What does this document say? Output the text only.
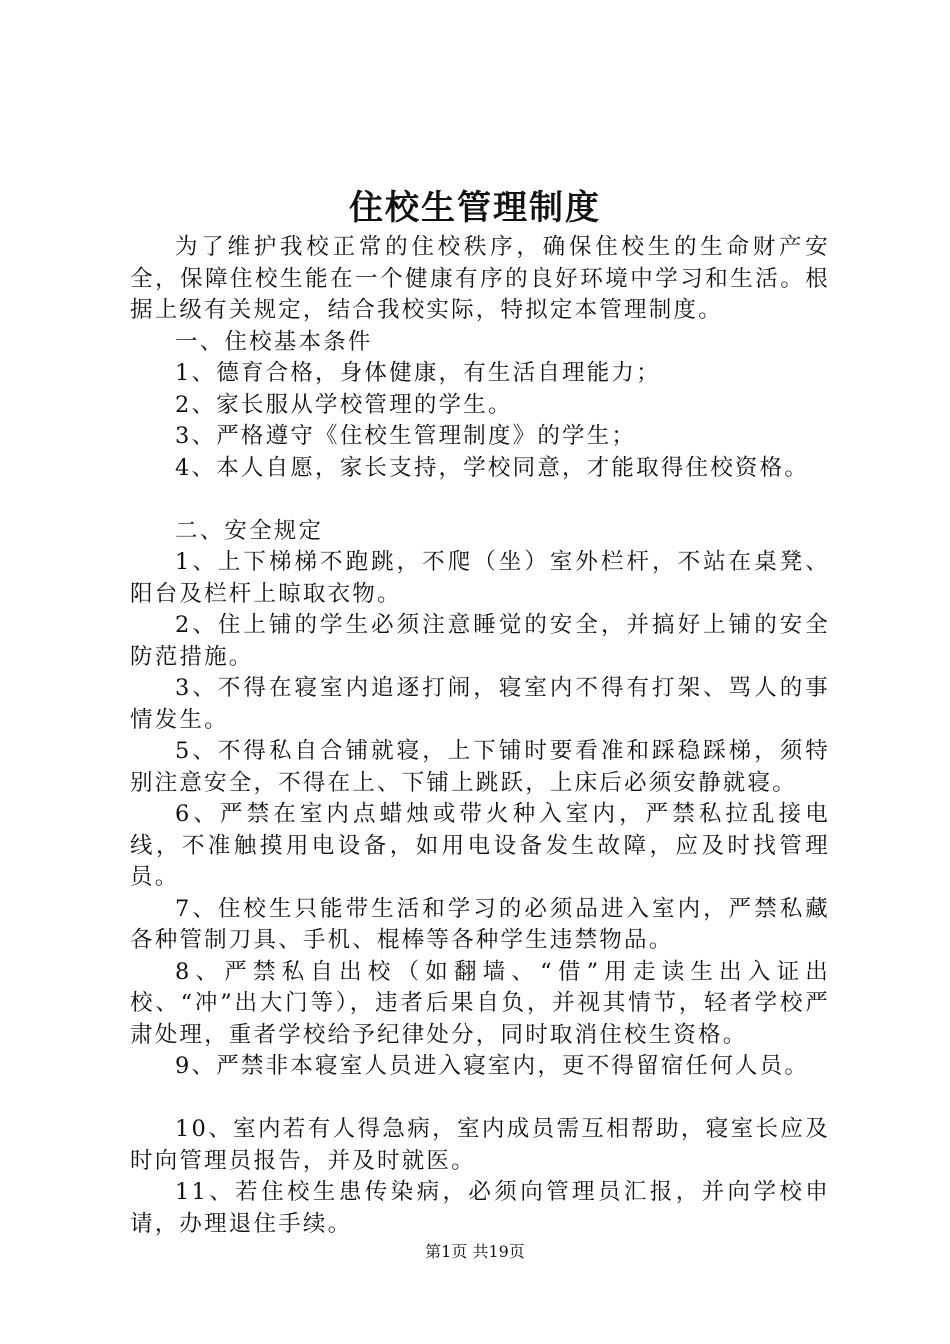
住校生管理制度

为了维护我校正常的住校秩序，确保住校生的生命财产安全，保障住校生能在一个健康有序的良好环境中学习和生活。根据上级有关规定，结合我校实际，特拟定本管理制度。

一、住校基本条件

1、德育合格，身体健康，有生活自理能力；

2、家长服从学校管理的学生。

3、严格遵守《住校生管理制度》的学生；

4、本人自愿，家长支持，学校同意，才能取得住校资格。

二、安全规定

1、上下梯梯不跑跳，不爬（坐）室外栏杆，不站在桌凳、阳台及栏杆上晾取衣物。

2、住上铺的学生必须注意睡觉的安全，并搞好上铺的安全防范措施。

3、不得在寝室内追逐打闹，寝室内不得有打架、骂人的事情发生。

5、不得私自合铺就寝，上下铺时要看准和踩稳踩梯，须特别注意安全，不得在上、下铺上跳跃，上床后必须安静就寝。

6、严禁在室内点蜡烛或带火种入室内，严禁私拉乱接电线，不准触摸用电设备，如用电设备发生故障，应及时找管理员。

7、住校生只能带生活和学习的必须品进入室内，严禁私藏各种管制刀具、手机、棍棒等各种学生违禁物品。

8、严禁私自出校（如翻墙、“借”用走读生出入证出校、“冲”出大门等），违者后果自负，并视其情节，轻者学校严肃处理，重者学校给予纪律处分，同时取消住校生资格。

9、严禁非本寝室人员进入寝室内，更不得留宿任何人员。

10、室内若有人得急病，室内成员需互相帮助，寝室长应及时向管理员报告，并及时就医。

11、若住校生患传染病，必须向管理员汇报，并向学校申请，办理退住手续。

第1页 共19页
